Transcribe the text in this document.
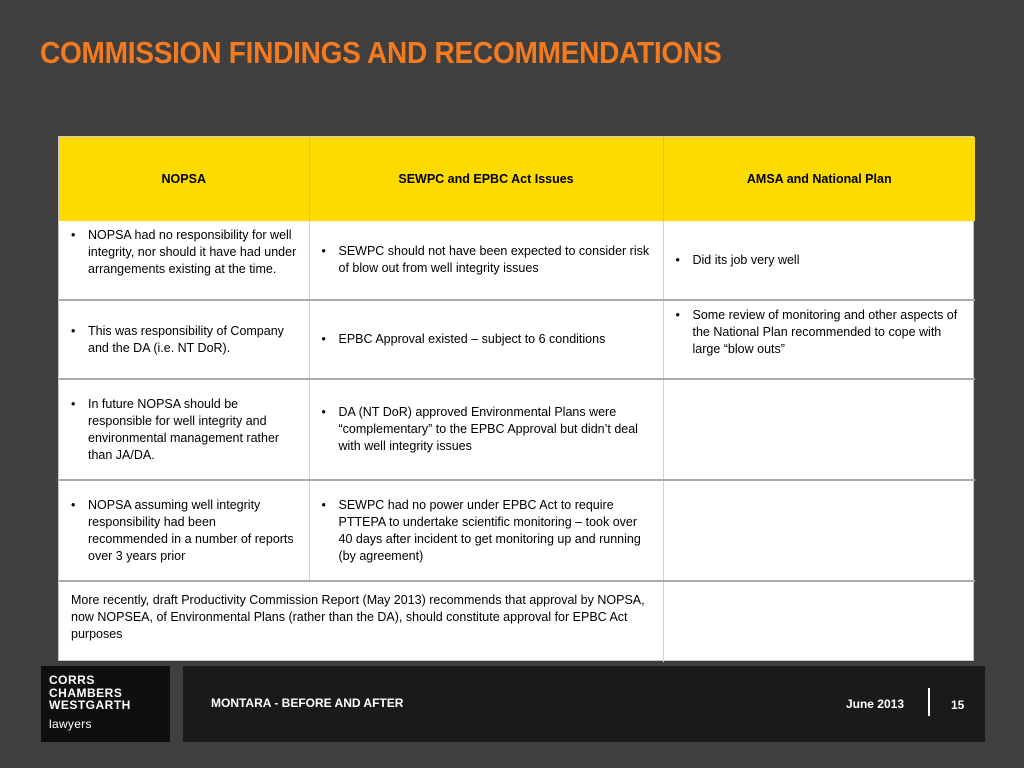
COMMISSION FINDINGS AND RECOMMENDATIONS
NOPSA	SEWPC and EPBC Act Issues	AMSA and National Plan

• NOPSA had no responsibility for well integrity, nor should it have had under arrangements existing at the time.	• SEWPC should not have been expected to consider risk of blow out from well integrity issues	• Did its job very well

• This was responsibility of Company and the DA (i.e. NT DoR).	• EPBC Approval existed – subject to 6 conditions	• Some review of monitoring and other aspects of the National Plan recommended to cope with large “blow outs”

• In future NOPSA should be responsible for well integrity and environmental management rather than JA/DA.	• DA (NT DoR) approved Environmental Plans were “complementary” to the EPBC Approval but didn’t deal with well integrity issues	

• NOPSA assuming well integrity responsibility had been recommended in a number of reports over 3 years prior	• SEWPC had no power under EPBC Act to require PTTEPA to undertake scientific monitoring – took over 40 days after incident to get monitoring up and running (by agreement)	

More recently, draft Productivity Commission Report (May 2013) recommends that approval by NOPSA, now NOPSEA, of Environmental Plans (rather than the DA), should constitute approval for EPBC Act purposes		
CORRS
CHAMBERS
WESTGARTH
lawyers
MONTARA - BEFORE AND AFTER	June 2013	15
